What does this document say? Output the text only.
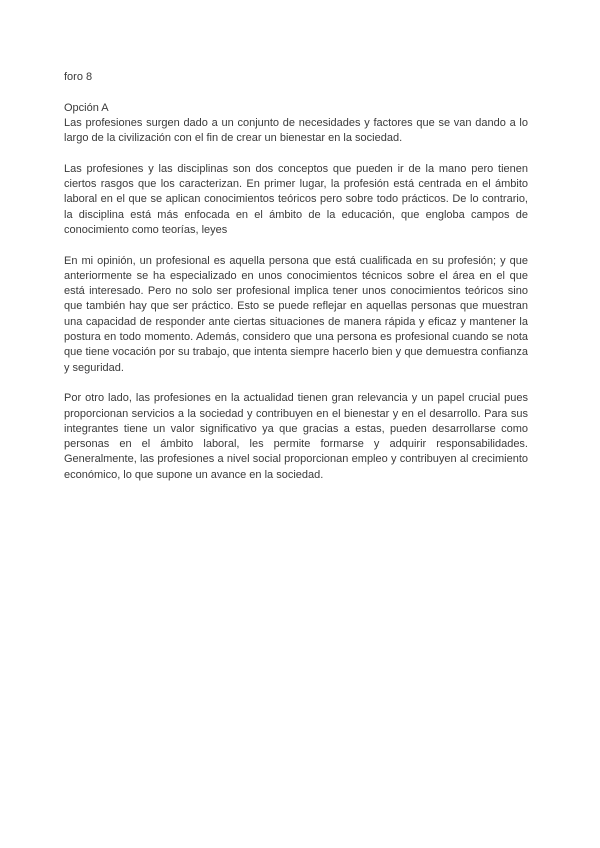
foro 8
Opción A

Las profesiones surgen dado a un conjunto de necesidades y factores que se van dando a lo largo de la civilización con el fin de crear un bienestar en la sociedad.

Las profesiones y las disciplinas son dos conceptos que pueden ir de la mano pero tienen ciertos rasgos que los caracterizan. En primer lugar, la profesión está centrada en el ámbito laboral en el que se aplican conocimientos teóricos pero sobre todo prácticos. De lo contrario, la disciplina está más enfocada en el ámbito de la educación, que engloba campos de conocimiento como teorías, leyes

En mi opinión, un profesional es aquella persona que está cualificada en su profesión; y que anteriormente se ha especializado en unos conocimientos técnicos sobre el área en el que está interesado. Pero no solo ser profesional implica tener unos conocimientos teóricos sino que también hay que ser práctico. Esto se puede reflejar en aquellas personas que muestran una capacidad de responder ante ciertas situaciones de manera rápida y eficaz y mantener la postura en todo momento. Además, considero que una persona es profesional cuando se nota que tiene vocación por su trabajo, que intenta siempre hacerlo bien y que demuestra confianza y seguridad.

Por otro lado, las profesiones en la actualidad tienen gran relevancia y un papel crucial pues proporcionan servicios a la sociedad y contribuyen en el bienestar y en el desarrollo. Para sus integrantes tiene un valor significativo ya que gracias a estas, pueden desarrollarse como personas en el ámbito laboral, les permite formarse y adquirir responsabilidades. Generalmente, las profesiones a nivel social proporcionan empleo y contribuyen al crecimiento económico, lo que supone un avance en la sociedad.
